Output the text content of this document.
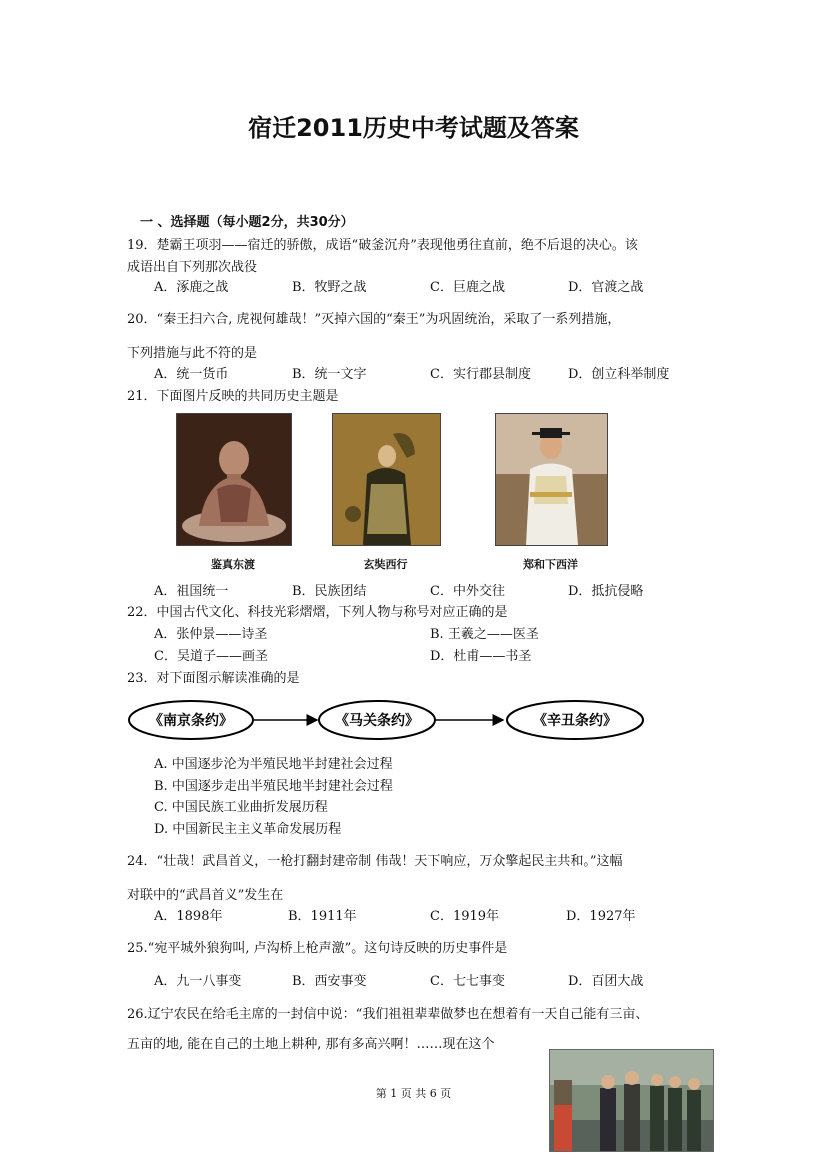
宿迁2011历史中考试题及答案
一 、选择题（每小题2分，共30分）
19．楚霸王项羽——宿迁的骄傲，成语“破釜沉舟”表现他勇往直前，绝不后退的决心。该
成语出自下列那次战役
A．涿鹿之战	B．牧野之战	C．巨鹿之战	D．官渡之战
20．“秦王扫六合, 虎视何雄哉！”灭掉六国的“秦王”为巩固统治，采取了一系列措施，
下列措施与此不符的是
A．统一货币	B．统一文字	C．实行郡县制度	D．创立科举制度
21．下面图片反映的共同历史主题是
鉴真东渡	玄奘西行	郑和下西洋
A．祖国统一	B．民族团结	C．中外交往	D．抵抗侵略
22．中国古代文化、科技光彩熠熠，下列人物与称号对应正确的是
A．张仲景——诗圣	B. 王羲之——医圣
C．吴道子——画圣	D．杜甫——书圣
23．对下面图示解读准确的是
《南京条约》	《马关条约》	《辛丑条约》
A. 中国逐步沦为半殖民地半封建社会过程
B. 中国逐步走出半殖民地半封建社会过程
C. 中国民族工业曲折发展历程
D. 中国新民主主义革命发展历程
24．“壮哉！武昌首义，一枪打翻封建帝制 伟哉！天下响应，万众擎起民主共和。”这幅
对联中的“武昌首义”发生在
A．1898年	B．1911年	C．1919年	D．1927年
25.“宛平城外狼狗叫, 卢沟桥上枪声激”。这句诗反映的历史事件是
A．九一八事变	B．西安事变	C．七七事变	D．百团大战
26.辽宁农民在给毛主席的一封信中说：“我们祖祖辈辈做梦也在想着有一天自己能有三亩、
五亩的地, 能在自己的土地上耕种, 那有多高兴啊！……现在这个
第 1 页 共 6 页
